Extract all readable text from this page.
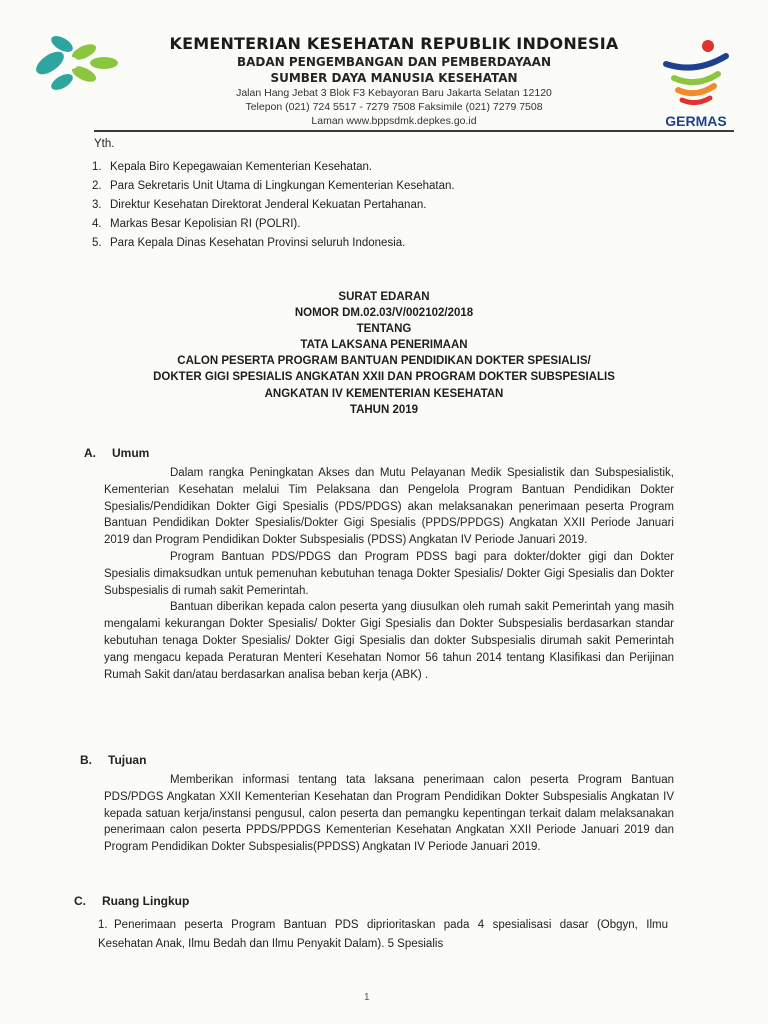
KEMENTERIAN KESEHATAN REPUBLIK INDONESIA
BADAN PENGEMBANGAN DAN PEMBERDAYAAN
SUMBER DAYA MANUSIA KESEHATAN
Jalan Hang Jebat 3 Blok F3 Kebayoran Baru Jakarta Selatan 12120
Telepon (021) 724 5517 - 7279 7508 Faksimile (021) 7279 7508
Laman www.bppsdmk.depkes.go.id	GERMAS
Yth.
1. Kepala Biro Kepegawaian Kementerian Kesehatan.
2. Para Sekretaris Unit Utama di Lingkungan Kementerian Kesehatan.
3. Direktur Kesehatan Direktorat Jenderal Kekuatan Pertahanan.
4. Markas Besar Kepolisian RI (POLRI).
5. Para Kepala Dinas Kesehatan Provinsi seluruh Indonesia.
SURAT EDARAN
NOMOR DM.02.03/V/002102/2018
TENTANG
TATA LAKSANA PENERIMAAN
CALON PESERTA PROGRAM BANTUAN PENDIDIKAN DOKTER SPESIALIS/
DOKTER GIGI SPESIALIS ANGKATAN XXII DAN PROGRAM DOKTER SUBSPESIALIS
ANGKATAN IV KEMENTERIAN KESEHATAN
TAHUN 2019
A. Umum

Dalam rangka Peningkatan Akses dan Mutu Pelayanan Medik Spesialistik dan Subspesialistik, Kementerian Kesehatan melalui Tim Pelaksana dan Pengelola Program Bantuan Pendidikan Dokter Spesialis/Pendidikan Dokter Gigi Spesialis (PDS/PDGS) akan melaksanakan penerimaan peserta Program Bantuan Pendidikan Dokter Spesialis/Dokter Gigi Spesialis (PPDS/PPDGS) Angkatan XXII Periode Januari 2019 dan Program Pendidikan Dokter Subspesialis (PDSS) Angkatan IV Periode Januari 2019.

Program Bantuan PDS/PDGS dan Program PDSS bagi para dokter/dokter gigi dan Dokter Spesialis dimaksudkan untuk pemenuhan kebutuhan tenaga Dokter Spesialis/ Dokter Gigi Spesialis dan Dokter Subspesialis di rumah sakit Pemerintah.

Bantuan diberikan kepada calon peserta yang diusulkan oleh rumah sakit Pemerintah yang masih mengalami kekurangan Dokter Spesialis/ Dokter Gigi Spesialis dan Dokter Subspesialis berdasarkan standar kebutuhan tenaga Dokter Spesialis/ Dokter Gigi Spesialis dan dokter Subspesialis dirumah sakit Pemerintah yang mengacu kepada Peraturan Menteri Kesehatan Nomor 56 tahun 2014 tentang Klasifikasi dan Perijinan Rumah Sakit dan/atau berdasarkan analisa beban kerja (ABK) .

B. Tujuan

Memberikan informasi tentang tata laksana penerimaan calon peserta Program Bantuan PDS/PDGS Angkatan XXII Kementerian Kesehatan dan Program Pendidikan Dokter Subspesialis Angkatan IV kepada satuan kerja/instansi pengusul, calon peserta dan pemangku kepentingan terkait dalam melaksanakan penerimaan calon peserta PPDS/PPDGS Kementerian Kesehatan Angkatan XXII Periode Januari 2019 dan Program Pendidikan Dokter Subspesialis(PPDSS) Angkatan IV Periode Januari 2019.

C. Ruang Lingkup
1. Penerimaan peserta Program Bantuan PDS diprioritaskan pada 4 spesialisasi dasar (Obgyn, Ilmu Kesehatan Anak, Ilmu Bedah dan Ilmu Penyakit Dalam). 5 Spesialis
1
